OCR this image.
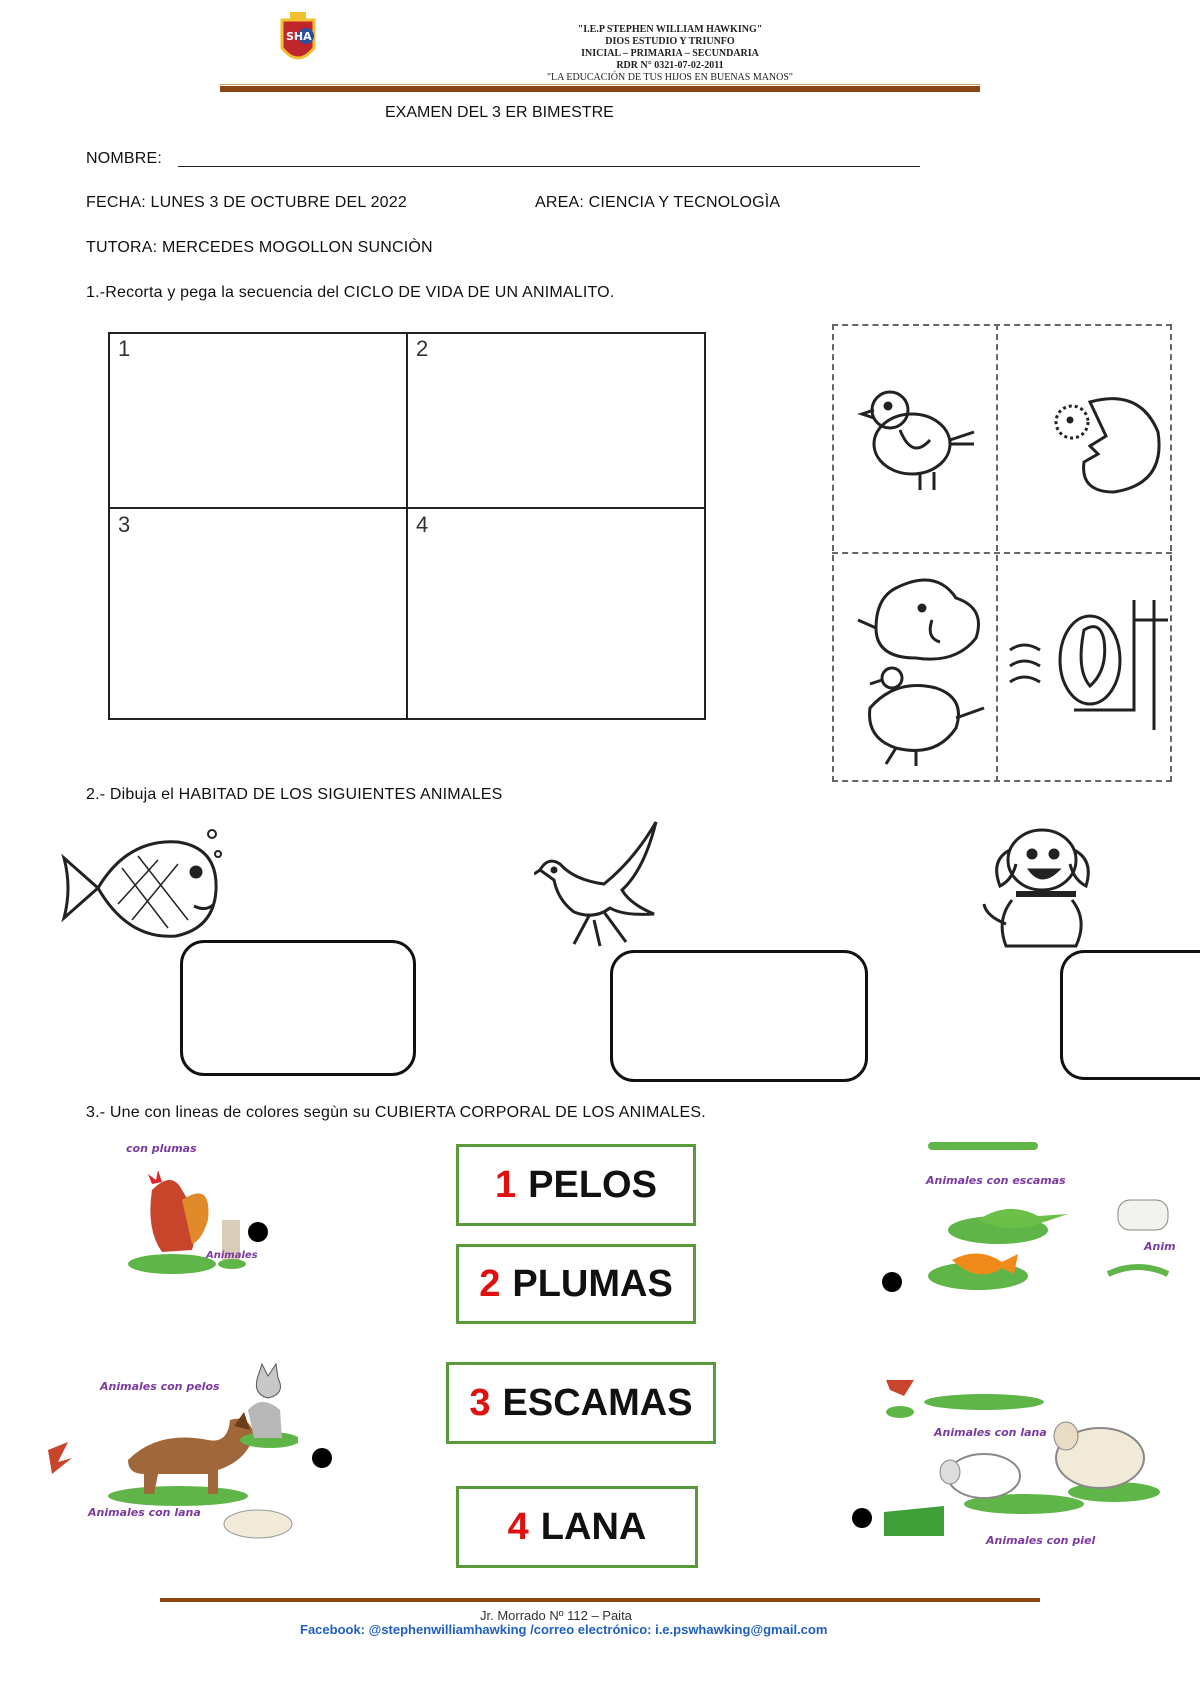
SHA
"I.E.P STEPHEN WILLIAM HAWKING"
DIOS ESTUDIO Y TRIUNFO
INICIAL – PRIMARIA – SECUNDARIA
RDR N° 0321-07-02-2011
"LA EDUCACIÓN DE TUS HIJOS EN BUENAS MANOS"
EXAMEN DEL 3 ER BIMESTRE
NOMBRE:
FECHA: LUNES 3 DE OCTUBRE DEL 2022	AREA: CIENCIA Y TECNOLOGÌA
TUTORA: MERCEDES MOGOLLON SUNCIÒN
1.-Recorta y pega la secuencia del CICLO DE VIDA DE UN ANIMALITO.
1	2
3	4
2.- Dibuja el HABITAD DE LOS SIGUIENTES ANIMALES
3.- Une con lineas de colores segùn su CUBIERTA CORPORAL DE LOS ANIMALES.
con plumas
Animales
1 PELOS
2 PLUMAS
3 ESCAMAS
4 LANA
Animales con escamas
Anim
Animales con pelos
Animales con lana
Animales con lana
Animales con piel
Jr. Morrado Nº 112 – Paita
Facebook: @stephenwilliamhawking /correo electrónico: i.e.pswhawking@gmail.com
